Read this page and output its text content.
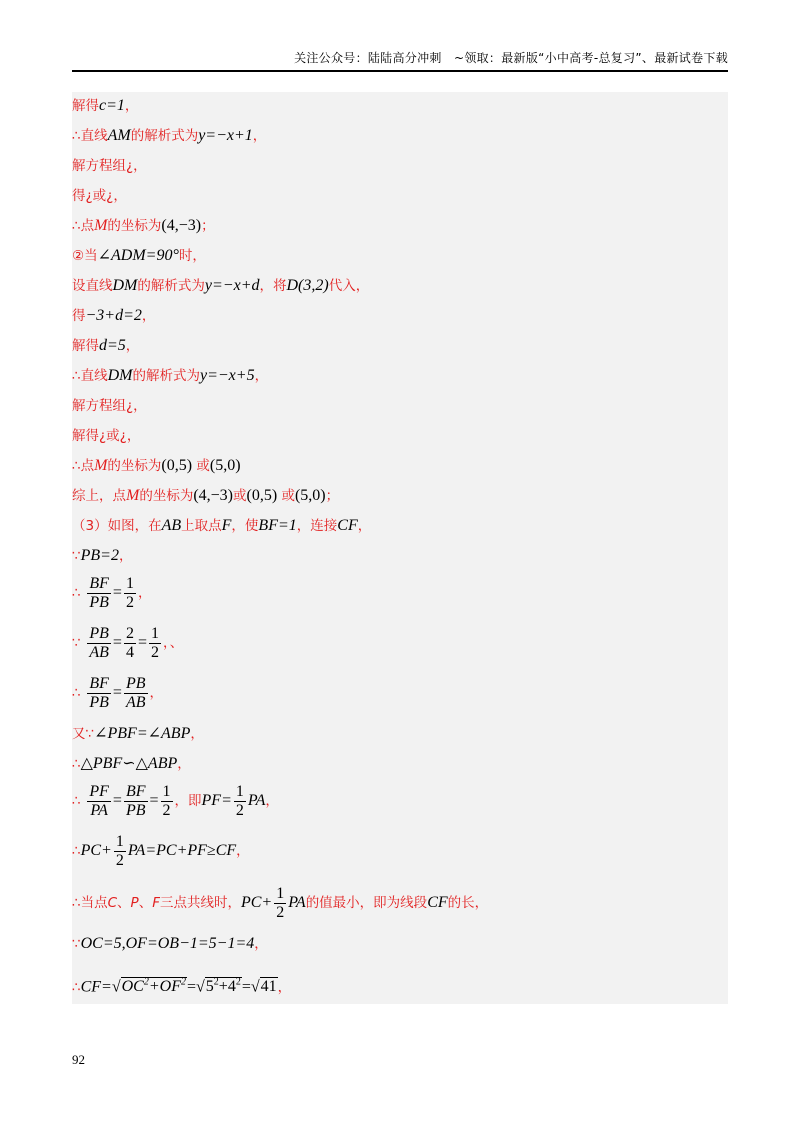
关注公众号：陆陆高分冲刺　~领取：最新版“小中高考-总复习”、最新试卷下载
解得c=1，
∴直线AM的解析式为y=−x+1，
解方程组¿，
得¿或¿，
∴点M的坐标为(4,−3)；
②当∠ADM=90°时，
设直线DM的解析式为y=−x+d，将D(3,2)代入，
得−3+d=2，
解得d=5，
∴直线DM的解析式为y=−x+5，
解方程组¿，
解得¿或¿，
∴点M的坐标为(0,5) 或(5,0)
综上，点M的坐标为(4,−3)或(0,5) 或(5,0)；
（3）如图，在AB上取点F，使BF=1，连接CF，
∵PB=2，
∴ $\frac{BF}{PB} = \frac{1}{2}$ ，
∵ $\frac{PB}{AB} = \frac{2}{4} = \frac{1}{2}$ ，、
∴ $\frac{BF}{PB} = \frac{PB}{AB}$ ，
又∵∠PBF=∠ABP，
∴△PBF∽△ABP，
∴ $\frac{PF}{PA} = \frac{BF}{PB} = \frac{1}{2}$ ，即$PF= \frac{1}{2}$ PA，
∴PC+ $\frac{1}{2} PA=PC+PF\ge CF$，
∴当点C、P、F三点共线时，$PC+ \frac{1}{2}$ PA的值最小，即为线段CF的长，
∵OC=5,OF=OB−1=5−1=4，
$\therefore CF=√OC^2+OF^2=√5^2+4^2=√41$，
92
